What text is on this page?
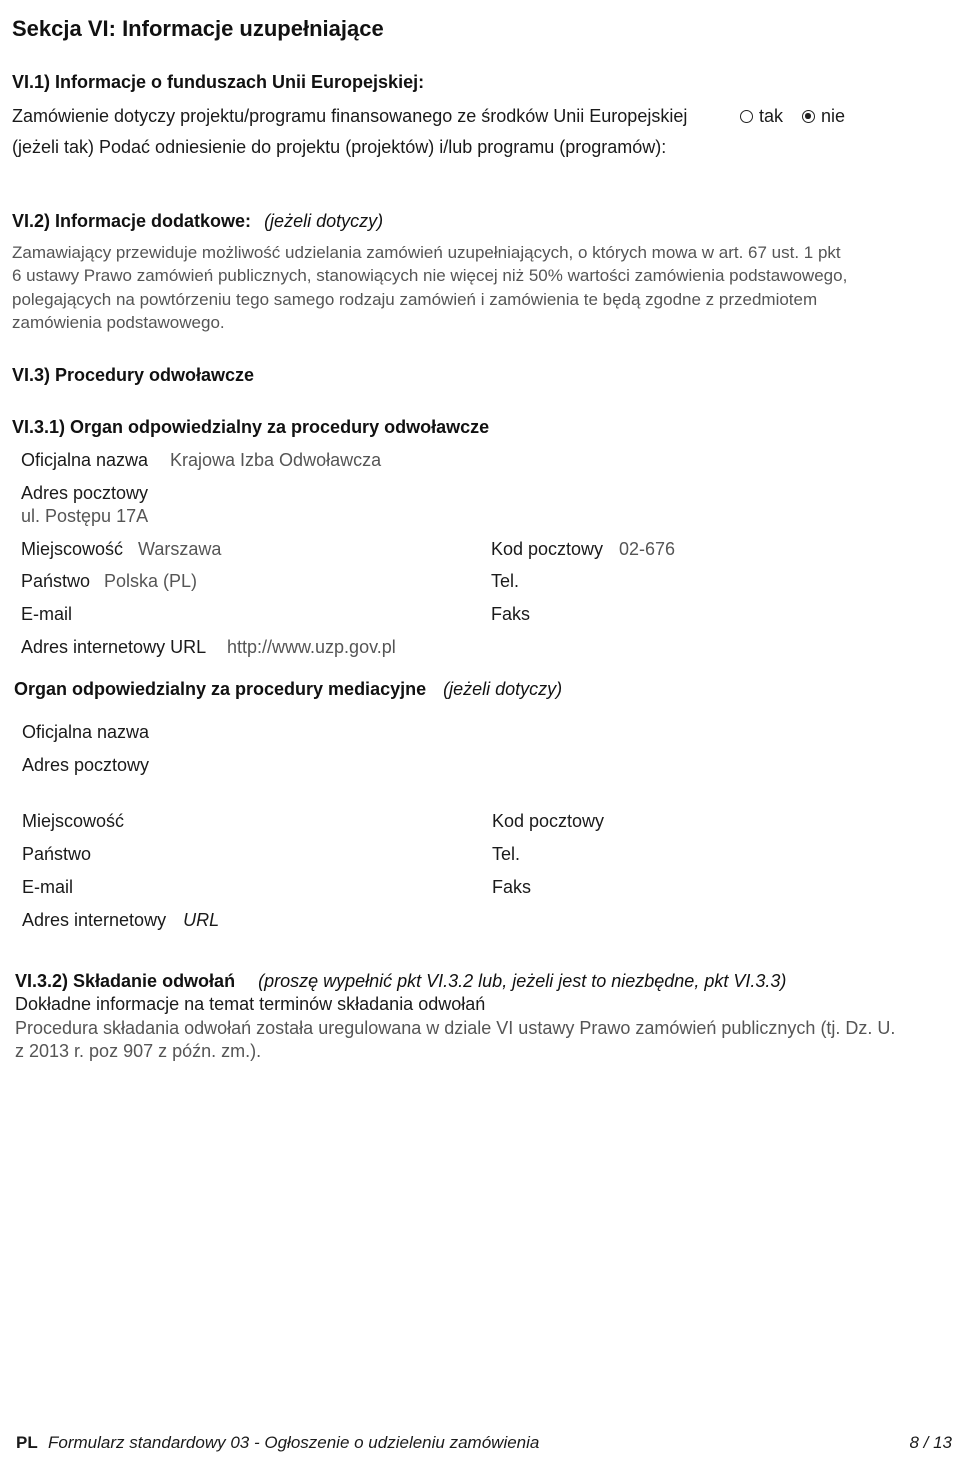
Sekcja VI: Informacje uzupełniające
VI.1) Informacje o funduszach Unii Europejskiej:
Zamówienie dotyczy projektu/programu finansowanego ze środków Unii Europejskiej	tak	nie
(jeżeli tak) Podać odniesienie do projektu (projektów) i/lub programu (programów):
VI.2) Informacje dodatkowe: (jeżeli dotyczy)
Zamawiający przewiduje możliwość udzielania zamówień uzupełniających, o których mowa w art. 67 ust. 1 pkt
6 ustawy Prawo zamówień publicznych, stanowiących nie więcej niż 50% wartości zamówienia podstawowego,
polegających na powtórzeniu tego samego rodzaju zamówień i zamówienia te będą zgodne z przedmiotem
zamówienia podstawowego.
VI.3) Procedury odwoławcze
VI.3.1) Organ odpowiedzialny za procedury odwoławcze
Oficjalna nazwa Krajowa Izba Odwoławcza
Adres pocztowy
ul. Postępu 17A
Miejscowość Warszawa	Kod pocztowy 02-676
Państwo Polska (PL)	Tel.
E-mail	Faks
Adres internetowy URL http://www.uzp.gov.pl
Organ odpowiedzialny za procedury mediacyjne (jeżeli dotyczy)
Oficjalna nazwa
Adres pocztowy
Miejscowość	Kod pocztowy
Państwo	Tel.
E-mail	Faks
Adres internetowy URL
VI.3.2) Składanie odwołań (proszę wypełnić pkt VI.3.2 lub, jeżeli jest to niezbędne, pkt VI.3.3)
Dokładne informacje na temat terminów składania odwołań
Procedura składania odwołań została uregulowana w dziale VI ustawy Prawo zamówień publicznych (tj. Dz. U.
z 2013 r. poz 907 z późn. zm.).
PL Formularz standardowy 03 - Ogłoszenie o udzieleniu zamówienia	8 / 13
